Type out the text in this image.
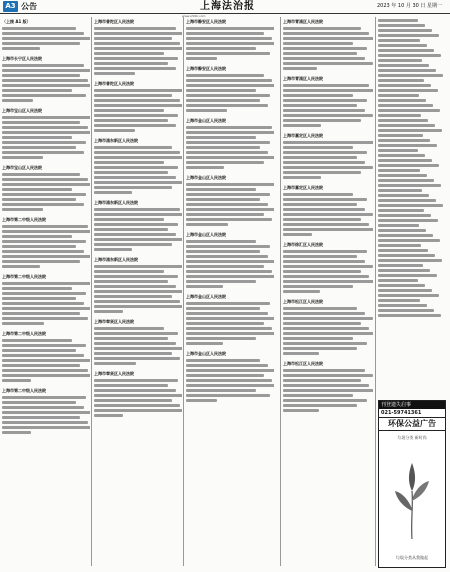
A3 公告	上海法治报	2023 年 10 月 30 日 星期一
www.shfzb.com
（上接 A1 版）
上海市长宁区人民法院
上海市宝山区人民法院
上海市宝山区人民法院
上海市第二中级人民法院
上海市第二中级人民法院
上海市第二中级人民法院
上海市第二中级人民法院
上海市普陀区人民法院
上海市普陀区人民法院
上海市浦东新区人民法院
上海市浦东新区人民法院
上海市浦东新区人民法院
上海市奉贤区人民法院
上海市奉贤区人民法院
上海市静安区人民法院
上海市静安区人民法院
上海市金山区人民法院
上海市金山区人民法院
上海市金山区人民法院
上海市金山区人民法院
上海市金山区人民法院
上海市青浦区人民法院
上海市青浦区人民法院
上海市嘉定区人民法院
上海市嘉定区人民法院
上海市徐汇区人民法院
上海市松江区人民法院
上海市松江区人民法院
刊登遗失启事
021-59741361
环保公益广告
垃圾分类 新时尚
垃圾分类从我做起
